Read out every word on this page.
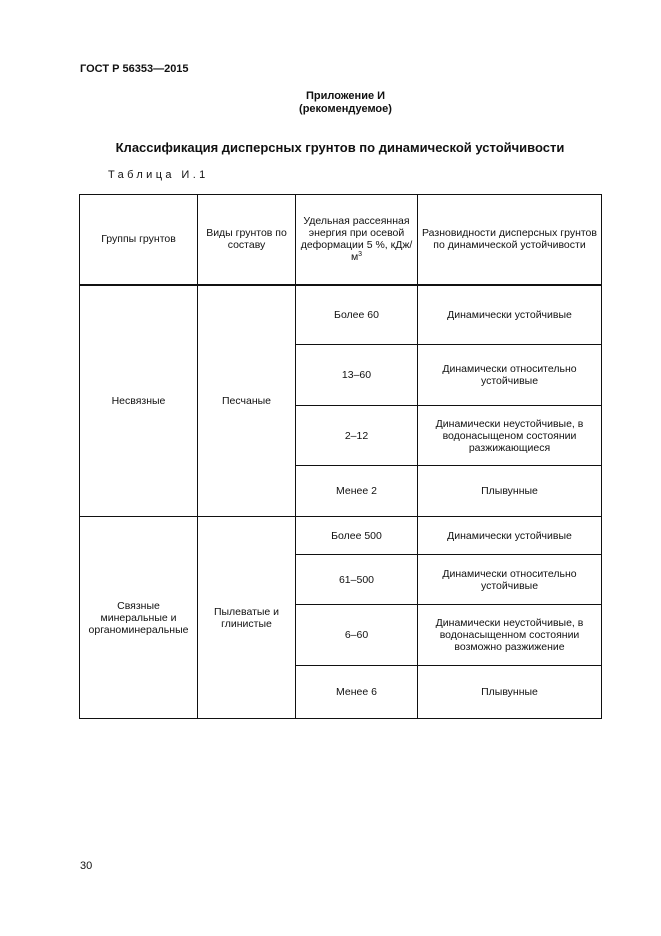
ГОСТ Р 56353—2015
Приложение И
(рекомендуемое)
Классификация дисперсных грунтов по динамической устойчивости
Таблица И.1
Группы грунтов	Виды грунтов по составу	Удельная рассеянная энергия при осевой деформации 5 %, кДж/$м^3$	Разновидности дисперсных грунтов по динамической устойчивости
Несвязные	Песчаные	Более 60	Динамически устойчивые
		13–60	Динамически относительно устойчивые
		2–12	Динамически неустойчивые, в водонасыщеном состоянии разжижающиеся
		Менее 2	Плывунные
Связные минеральные и органоминеральные	Пылеватые и глинистые	Более 500	Динамически устойчивые
		61–500	Динамически относительно устойчивые
		6–60	Динамически неустойчивые, в водонасыщенном состоянии возможно разжижение
		Менее 6	Плывунные
30
